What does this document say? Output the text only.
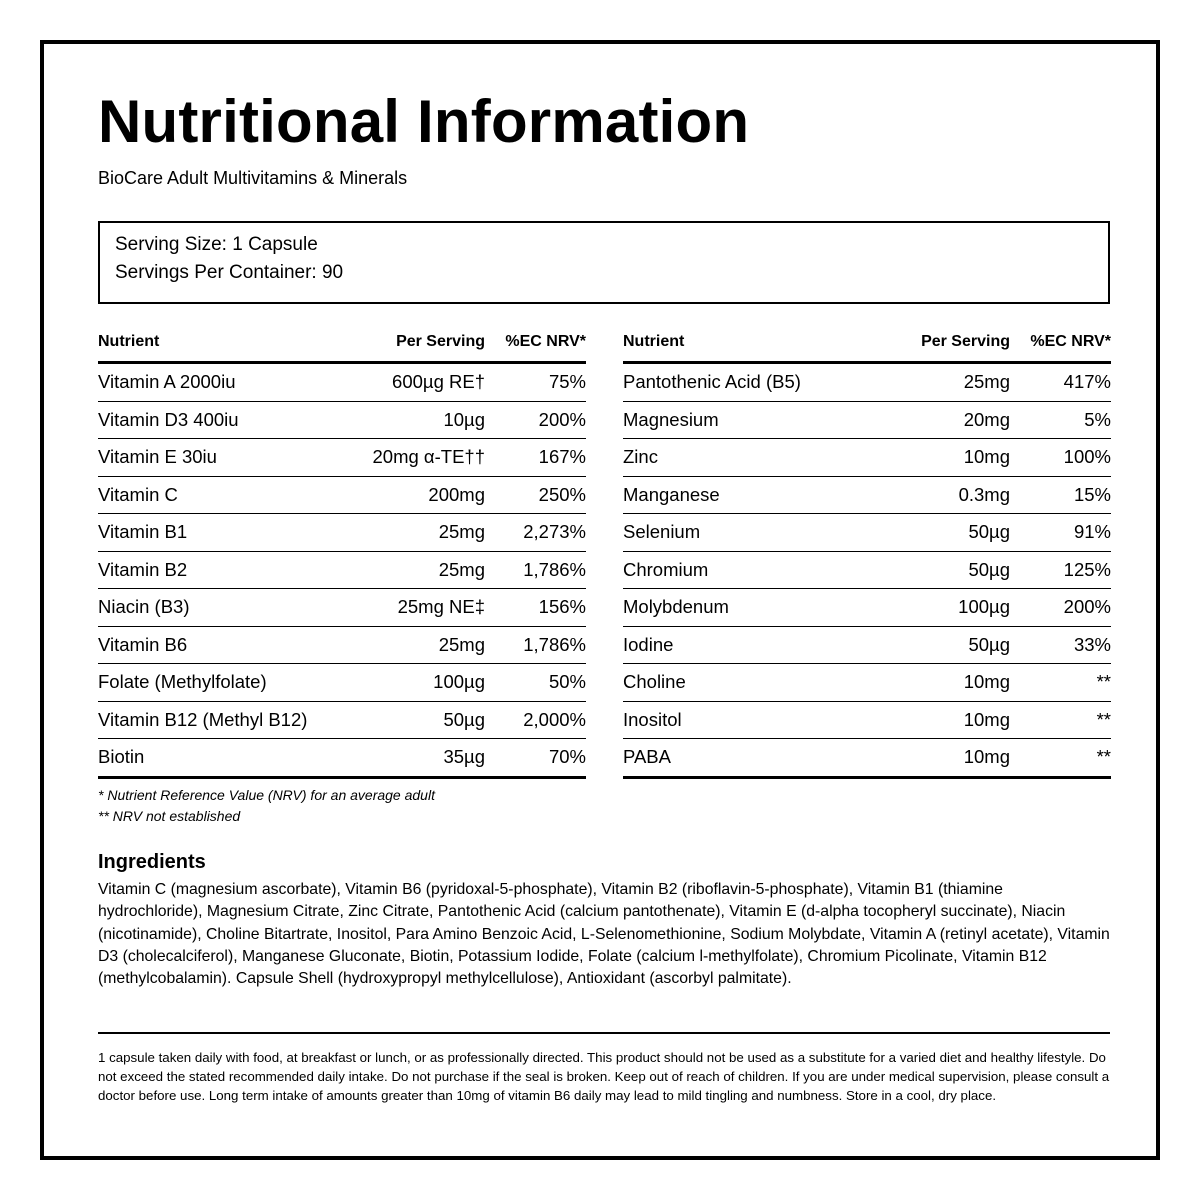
Nutritional Information

BioCare Adult Multivitamins & Minerals

Serving Size: 1 Capsule
Servings Per Container: 90
Nutrient	Per Serving	%EC NRV*
Vitamin A 2000iu	600µg RE†	75%
Vitamin D3 400iu	10µg	200%
Vitamin E 30iu	20mg α-TE††	167%
Vitamin C	200mg	250%
Vitamin B1	25mg	2,273%
Vitamin B2	25mg	1,786%
Niacin (B3)	25mg NE‡	156%
Vitamin B6	25mg	1,786%
Folate (Methylfolate)	100µg	50%
Vitamin B12 (Methyl B12)	50µg	2,000%
Biotin	35µg	70%
Nutrient	Per Serving	%EC NRV*
Pantothenic Acid (B5)	25mg	417%
Magnesium	20mg	5%
Zinc	10mg	100%
Manganese	0.3mg	15%
Selenium	50µg	91%
Chromium	50µg	125%
Molybdenum	100µg	200%
Iodine	50µg	33%
Choline	10mg	**
Inositol	10mg	**
PABA	10mg	**
* Nutrient Reference Value (NRV) for an average adult
** NRV not established
Ingredients

Vitamin C (magnesium ascorbate), Vitamin B6 (pyridoxal-5-phosphate), Vitamin B2 (riboflavin-5-phosphate), Vitamin B1 (thiamine hydrochloride), Magnesium Citrate, Zinc Citrate, Pantothenic Acid (calcium pantothenate), Vitamin E (d-alpha tocopheryl succinate), Niacin (nicotinamide), Choline Bitartrate, Inositol, Para Amino Benzoic Acid, L-Selenomethionine, Sodium Molybdate, Vitamin A (retinyl acetate), Vitamin D3 (cholecalciferol), Manganese Gluconate, Biotin, Potassium Iodide, Folate (calcium l-methylfolate), Chromium Picolinate, Vitamin B12 (methylcobalamin). Capsule Shell (hydroxypropyl methylcellulose), Antioxidant (ascorbyl palmitate).

1 capsule taken daily with food, at breakfast or lunch, or as professionally directed. This product should not be used as a substitute for a varied diet and healthy lifestyle. Do not exceed the stated recommended daily intake. Do not purchase if the seal is broken. Keep out of reach of children. If you are under medical supervision, please consult a doctor before use. Long term intake of amounts greater than 10mg of vitamin B6 daily may lead to mild tingling and numbness. Store in a cool, dry place.
